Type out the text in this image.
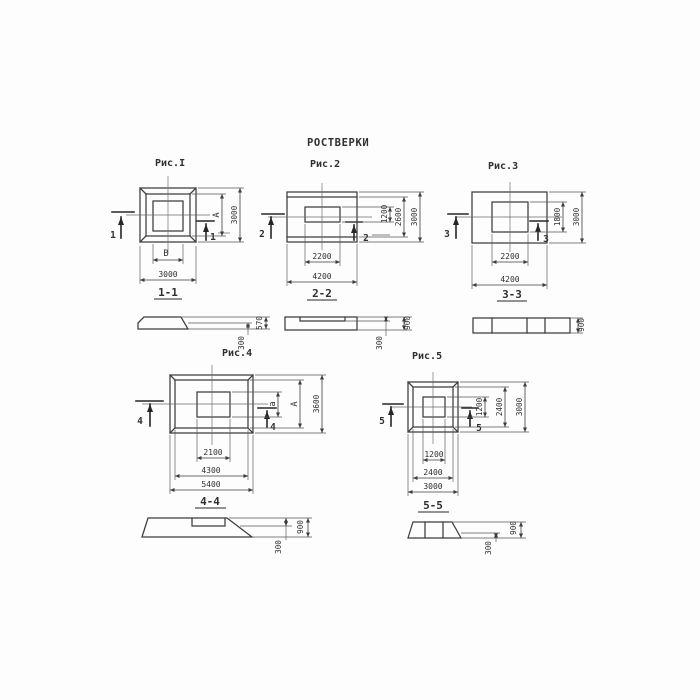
РОСТВЕРКИ
1	1
A 3000
В
3000
Рис.I
1-1
2	2
1200 2600 3000
2200
4200
Рис.2
2-2
3	3
1800 3000
2200
4200
Рис.3
3-3
570
300
900
300
900
4
4
а А 3600
2100
4300
5400
Рис.4
4-4
5
5
1200 2400 3000
1200
2400
3000
Рис.5
5-5
900
300
900
300
